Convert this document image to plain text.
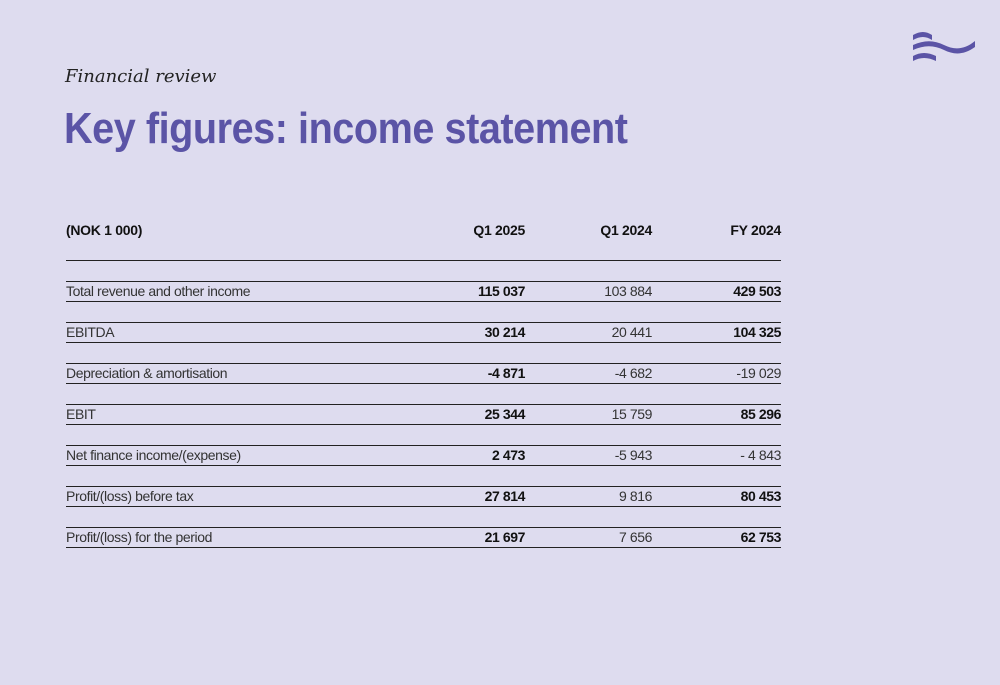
Financial review
Key figures: income statement
(NOK 1 000)	Q1 2025	Q1 2024	FY 2024
Total revenue and other income	115 037	103 884	429 503
EBITDA	30 214	20 441	104 325
Depreciation & amortisation	-4 871	-4 682	-19 029
EBIT	25 344	15 759	85 296
Net finance income/(expense)	2 473	-5 943	- 4 843
Profit/(loss) before tax	27 814	9 816	80 453
Profit/(loss) for the period	21 697	7 656	62 753
